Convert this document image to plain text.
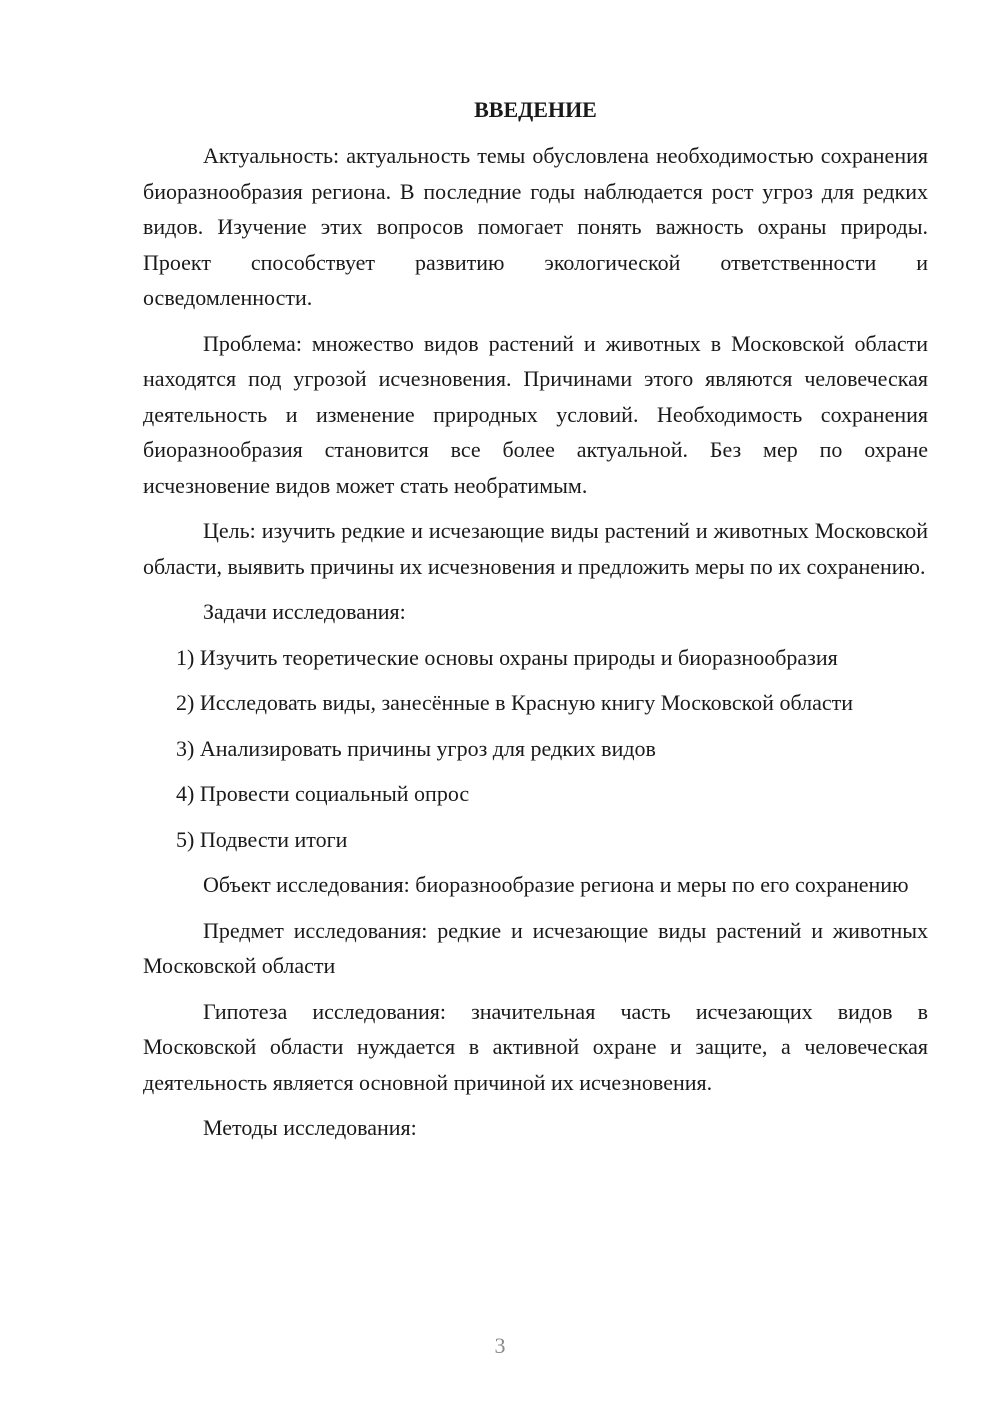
ВВЕДЕНИЕ

Актуальность: актуальность темы обусловлена необходимостью сохранения биоразнообразия региона. В последние годы наблюдается рост угроз для редких видов. Изучение этих вопросов помогает понять важность охраны природы. Проект способствует развитию экологической ответственности и осведомленности.

Проблема: множество видов растений и животных в Московской области находятся под угрозой исчезновения. Причинами этого являются человеческая деятельность и изменение природных условий. Необходимость сохранения биоразнообразия становится все более актуальной. Без мер по охране исчезновение видов может стать необратимым.

Цель: изучить редкие и исчезающие виды растений и животных Московской области, выявить причины их исчезновения и предложить меры по их сохранению.

Задачи исследования:

1) Изучить теоретические основы охраны природы и биоразнообразия

2) Исследовать виды, занесённые в Красную книгу Московской области

3) Анализировать причины угроз для редких видов

4) Провести социальный опрос

5) Подвести итоги

Объект исследования: биоразнообразие региона и меры по его сохранению

Предмет исследования: редкие и исчезающие виды растений и животных Московской области

Гипотеза исследования: значительная часть исчезающих видов в Московской области нуждается в активной охране и защите, а человеческая деятельность является основной причиной их исчезновения.

Методы исследования:

3
